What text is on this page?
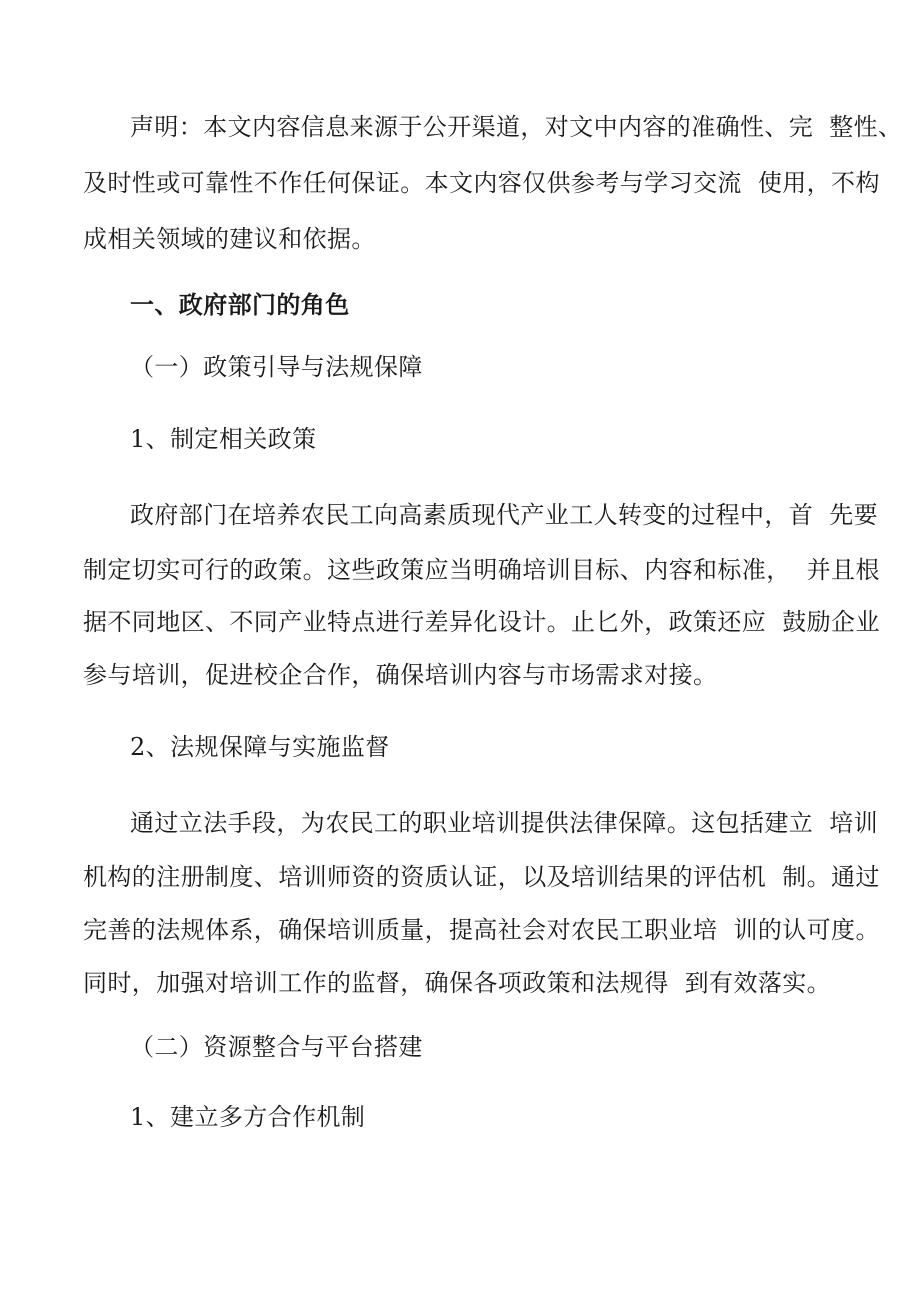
声明：本文内容信息来源于公开渠道，对文中内容的准确性、完  整性、
及时性或可靠性不作任何保证。本文内容仅供参考与学习交流  使用，不构
成相关领域的建议和依据。
一、政府部门的角色
（一）政策引导与法规保障
1、制定相关政策
政府部门在培养农民工向高素质现代产业工人转变的过程中，首  先要
制定切实可行的政策。这些政策应当明确培训目标、内容和标准，  并且根
据不同地区、不同产业特点进行差异化设计。止匕外，政策还应  鼓励企业
参与培训，促进校企合作，确保培训内容与市场需求对接。
2、法规保障与实施监督
通过立法手段，为农民工的职业培训提供法律保障。这包括建立  培训
机构的注册制度、培训师资的资质认证，以及培训结果的评估机  制。通过
完善的法规体系，确保培训质量，提高社会对农民工职业培  训的认可度。
同时，加强对培训工作的监督，确保各项政策和法规得  到有效落实。
（二）资源整合与平台搭建
1、建立多方合作机制
